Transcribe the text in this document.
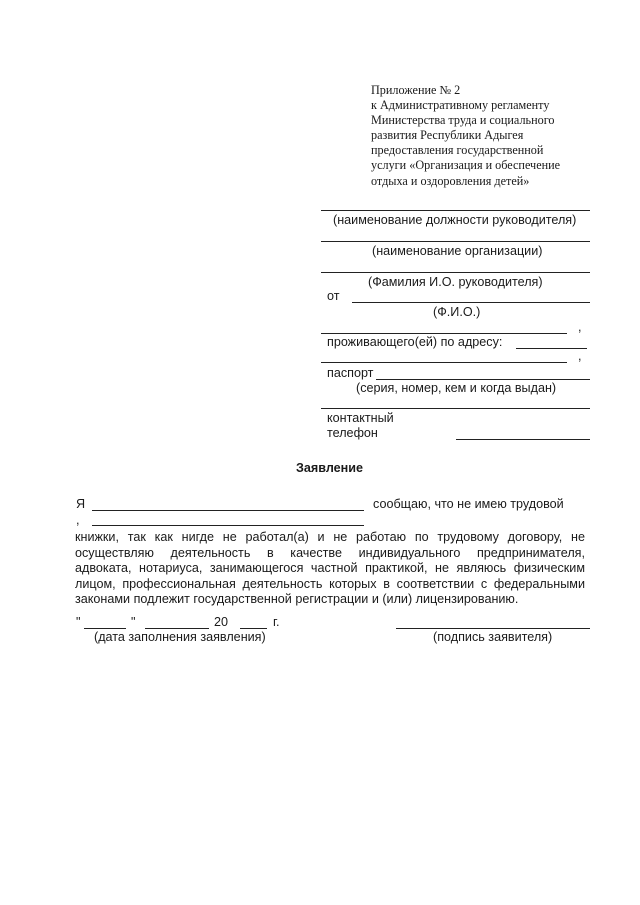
Приложение № 2
к Административному регламенту
Министерства труда и социального
развития Республики Адыгея
предоставления государственной
услуги «Организация и обеспечение
отдыха и оздоровления детей»
(наименование должности руководителя)
(наименование организации)
(Фамилия И.О. руководителя)
от
(Ф.И.О.)
,
проживающего(ей) по адресу:
,
паспорт
(серия, номер, кем и когда выдан)
контактный
телефон
Заявление
Я	сообщаю, что не имею трудовой
,
книжки, так как нигде не работал(а) и не работаю по трудовому договору, не
осуществляю деятельность в качестве индивидуального предпринимателя,
адвоката, нотариуса, занимающегося частной практикой, не являюсь физическим
лицом, профессиональная деятельность которых в соответствии с федеральными
законами подлежит государственной регистрации и (или) лицензированию.
"	"	20	г.
(дата заполнения заявления)	(подпись заявителя)
